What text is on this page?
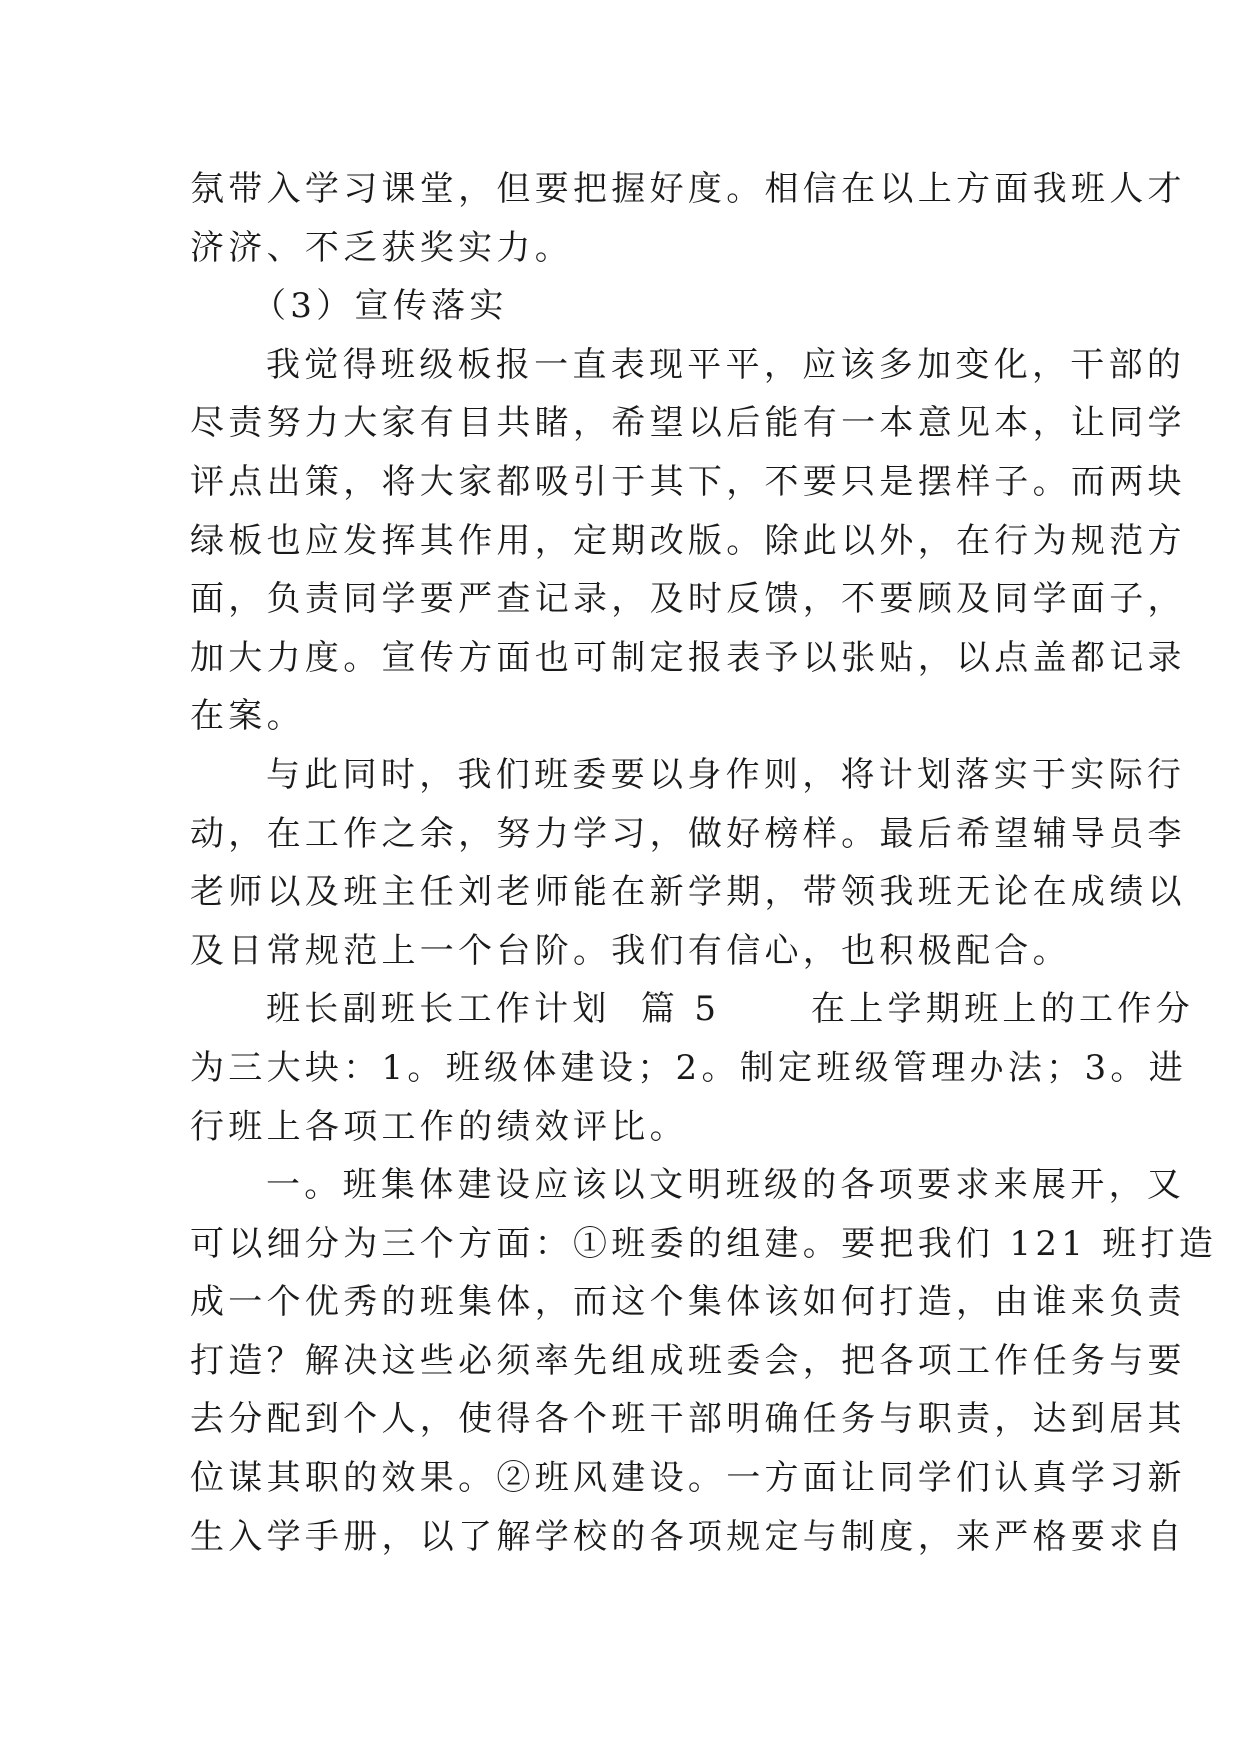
氛带入学习课堂，但要把握好度。相信在以上方面我班人才
济济、不乏获奖实力。
（3）宣传落实
我觉得班级板报一直表现平平，应该多加变化，干部的
尽责努力大家有目共睹，希望以后能有一本意见本，让同学
评点出策，将大家都吸引于其下，不要只是摆样子。而两块
绿板也应发挥其作用，定期改版。除此以外，在行为规范方
面，负责同学要严查记录，及时反馈，不要顾及同学面子，
加大力度。宣传方面也可制定报表予以张贴，以点盖都记录
在案。
与此同时，我们班委要以身作则，将计划落实于实际行
动，在工作之余，努力学习，做好榜样。最后希望辅导员李
老师以及班主任刘老师能在新学期，带领我班无论在成绩以
及日常规范上一个台阶。我们有信心，也积极配合。
班长副班长工作计划  篇 5      在上学期班上的工作分
为三大块：1。班级体建设；2。制定班级管理办法；3。进
行班上各项工作的绩效评比。
一。班集体建设应该以文明班级的各项要求来展开，又
可以细分为三个方面：①班委的组建。要把我们 121 班打造
成一个优秀的班集体，而这个集体该如何打造，由谁来负责
打造？解决这些必须率先组成班委会，把各项工作任务与要
去分配到个人，使得各个班干部明确任务与职责，达到居其
位谋其职的效果。②班风建设。一方面让同学们认真学习新
生入学手册，以了解学校的各项规定与制度，来严格要求自
